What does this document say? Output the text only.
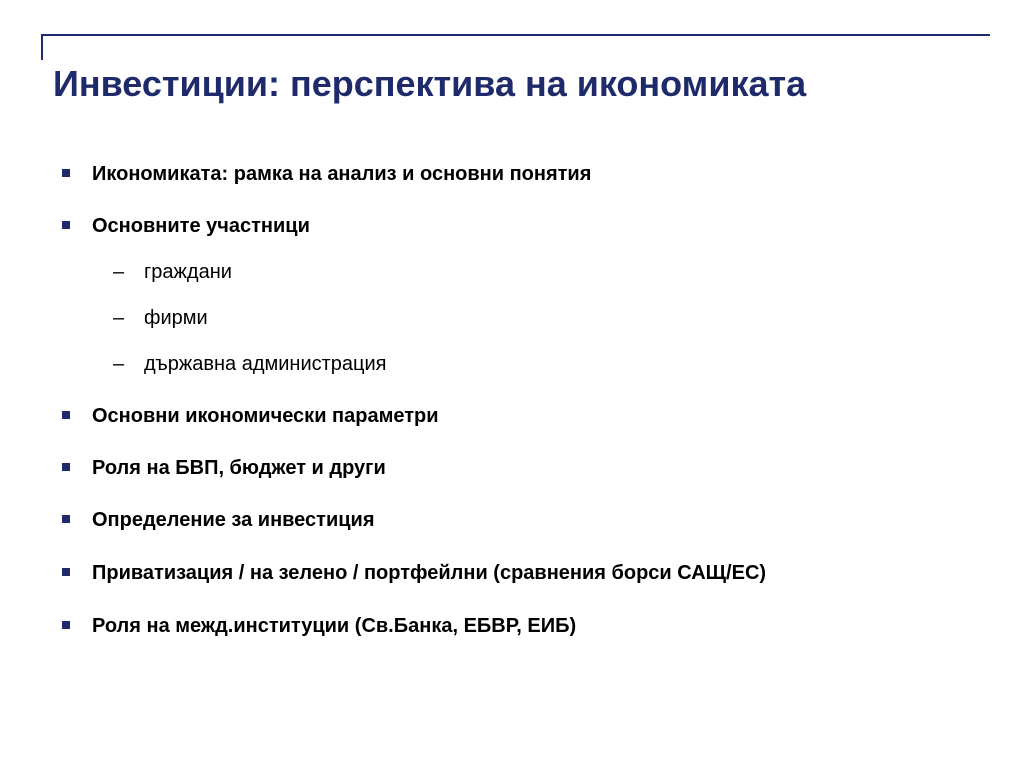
Инвестиции: перспектива на икономиката
Икономиката: рамка на анализ и основни понятия
Основните участници
– граждани
– фирми
– държавна администрация
Основни икономически параметри
Роля на БВП, бюджет и други
Определение за инвестиция
Приватизация / на зелено / портфейлни (сравнения борси САЩ/ЕС)
Роля на межд.институции (Св.Банка, ЕБВР, ЕИБ)
